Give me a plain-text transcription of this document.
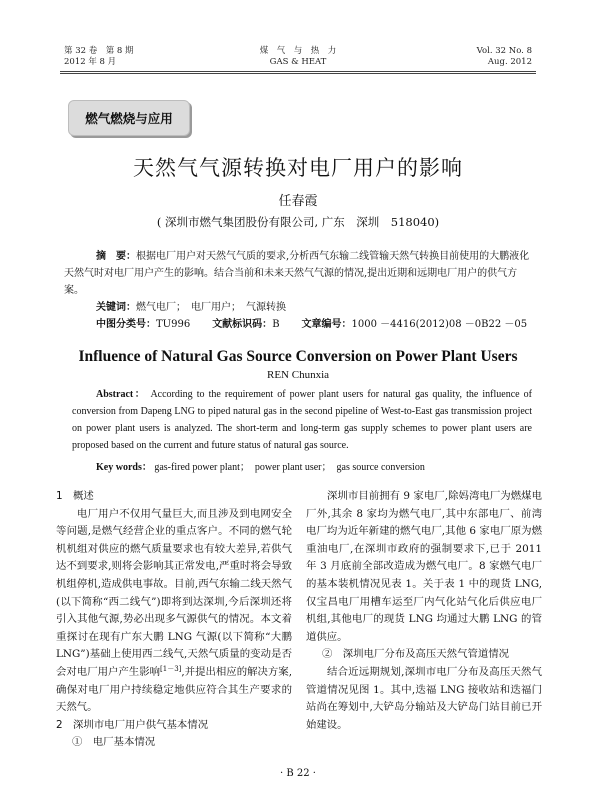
第 32 卷　第 8 期
2012 年 8 月
煤　气　与　热　力
GAS & HEAT
Vol. 32 No. 8
Aug. 2012
燃气燃烧与应用
天然气气源转换对电厂用户的影响
任春霞
( 深圳市燃气集团股份有限公司, 广东　深圳　518040)
摘　要：根据电厂用户对天然气气质的要求,分析西气东输二线管输天然气转换目前使用的大鹏液化天然气时对电厂用户产生的影响。结合当前和未来天然气气源的情况,提出近期和远期电厂用户的供气方案。
关键词：燃气电厂；　电厂用户；　气源转换
中图分类号：TU996 文献标识码：B 文章编号：1000 －4416(2012)08 －0B22 －05
Influence of Natural Gas Source Conversion on Power Plant Users
REN Chunxia
Abstract： According to the requirement of power plant users for natural gas quality, the influence of conversion from Dapeng LNG to piped natural gas in the second pipeline of West-to-East gas transmission project on power plant users is analyzed. The short-term and long-term gas supply schemes to power plant users are proposed based on the current and future status of natural gas source.
Key words： gas-fired power plant；　power plant user；　gas source conversion

1　概述

电厂用户不仅用气量巨大,而且涉及到电网安全等问题,是燃气经营企业的重点客户。不同的燃气轮机机组对供应的燃气质量要求也有较大差异,若供气达不到要求,则将会影响其正常发电,严重时将会导致机组停机,造成供电事故。目前,西气东输二线天然气(以下简称“西二线气”)即将到达深圳,今后深圳还将引入其他气源,势必出现多气源供气的情况。本文着重探讨在现有广东大鹏 LNG 气源(以下简称“大鹏 LNG”)基础上使用西二线气,天然气质量的变动是否会对电厂用户产生影响[1－3],并提出相应的解决方案,确保对电厂用户持续稳定地供应符合其生产要求的天然气。

2　深圳市电厂用户供气基本情况

①　电厂基本情况

深圳市目前拥有 9 家电厂,除妈湾电厂为燃煤电厂外,其余 8 家均为燃气电厂,其中东部电厂、前湾电厂均为近年新建的燃气电厂,其他 6 家电厂原为燃重油电厂,在深圳市政府的强制要求下,已于 2011 年 3 月底前全部改造成为燃气电厂。8 家燃气电厂的基本装机情况见表 1。关于表 1 中的现货 LNG,仅宝昌电厂用槽车运至厂内气化站气化后供应电厂机组,其他电厂的现货 LNG 均通过大鹏 LNG 的管道供应。

②　深圳电厂分布及高压天然气管道情况

结合近远期规划,深圳市电厂分布及高压天然气管道情况见图 1。其中,迭福 LNG 接收站和迭福门站尚在筹划中,大铲岛分输站及大铲岛门站目前已开始建设。

· B 22 ·
